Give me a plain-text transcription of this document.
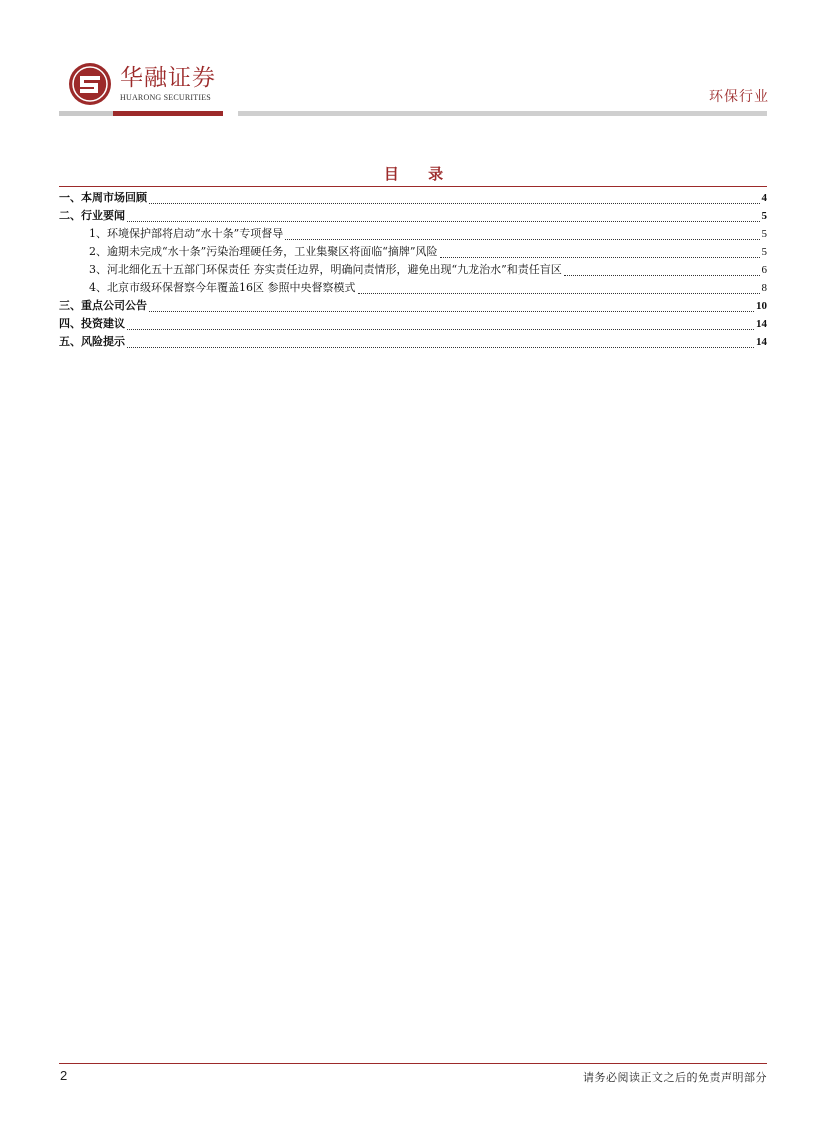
华融证券
HUARONG SECURITIES	环保行业
目 录
一、本周市场回顾	4
二、行业要闻	5
1、环境保护部将启动“水十条”专项督导	5
2、逾期未完成“水十条”污染治理硬任务，工业集聚区将面临“摘牌”风险	5
3、河北细化五十五部门环保责任 夯实责任边界，明确问责情形，避免出现“九龙治水”和责任盲区	6
4、北京市级环保督察今年覆盖16区 参照中央督察模式	8
三、重点公司公告	10
四、投资建议	14
五、风险提示	14
2	请务必阅读正文之后的免责声明部分
